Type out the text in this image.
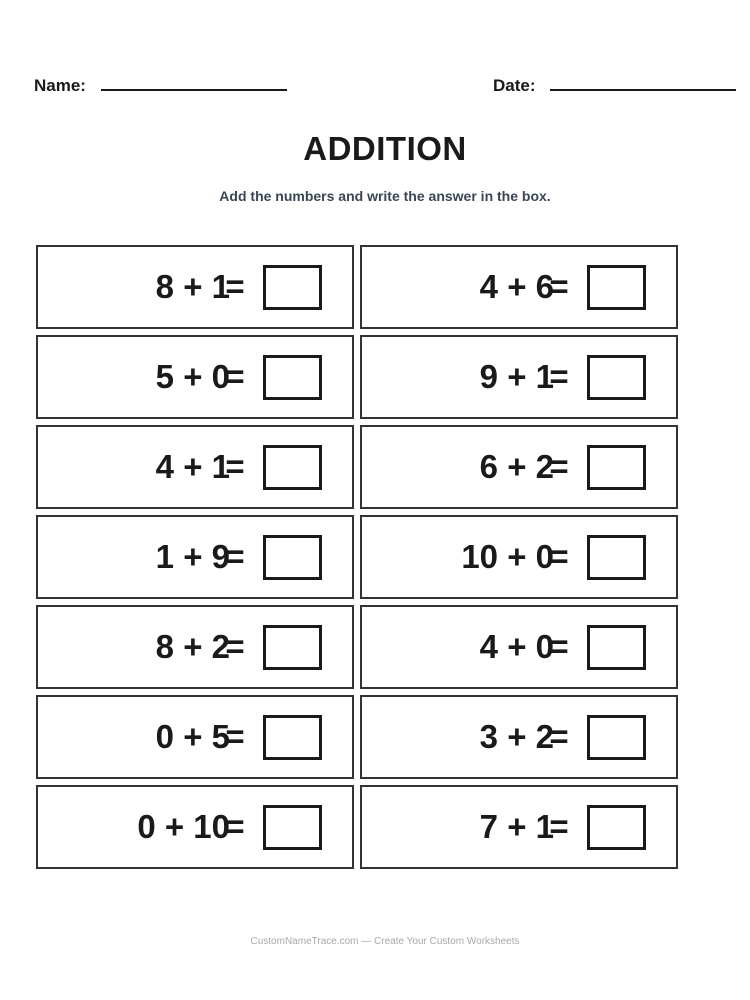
Name:	Date:
ADDITION
Add the numbers and write the answer in the box.
8 + 1
=	4 + 6
=
5 + 0
=	9 + 1
=
4 + 1
=	6 + 2
=
1 + 9
=	10 + 0
=
8 + 2
=	4 + 0
=
0 + 5
=	3 + 2
=
0 + 10
=	7 + 1
=
CustomNameTrace.com — Create Your Custom Worksheets
